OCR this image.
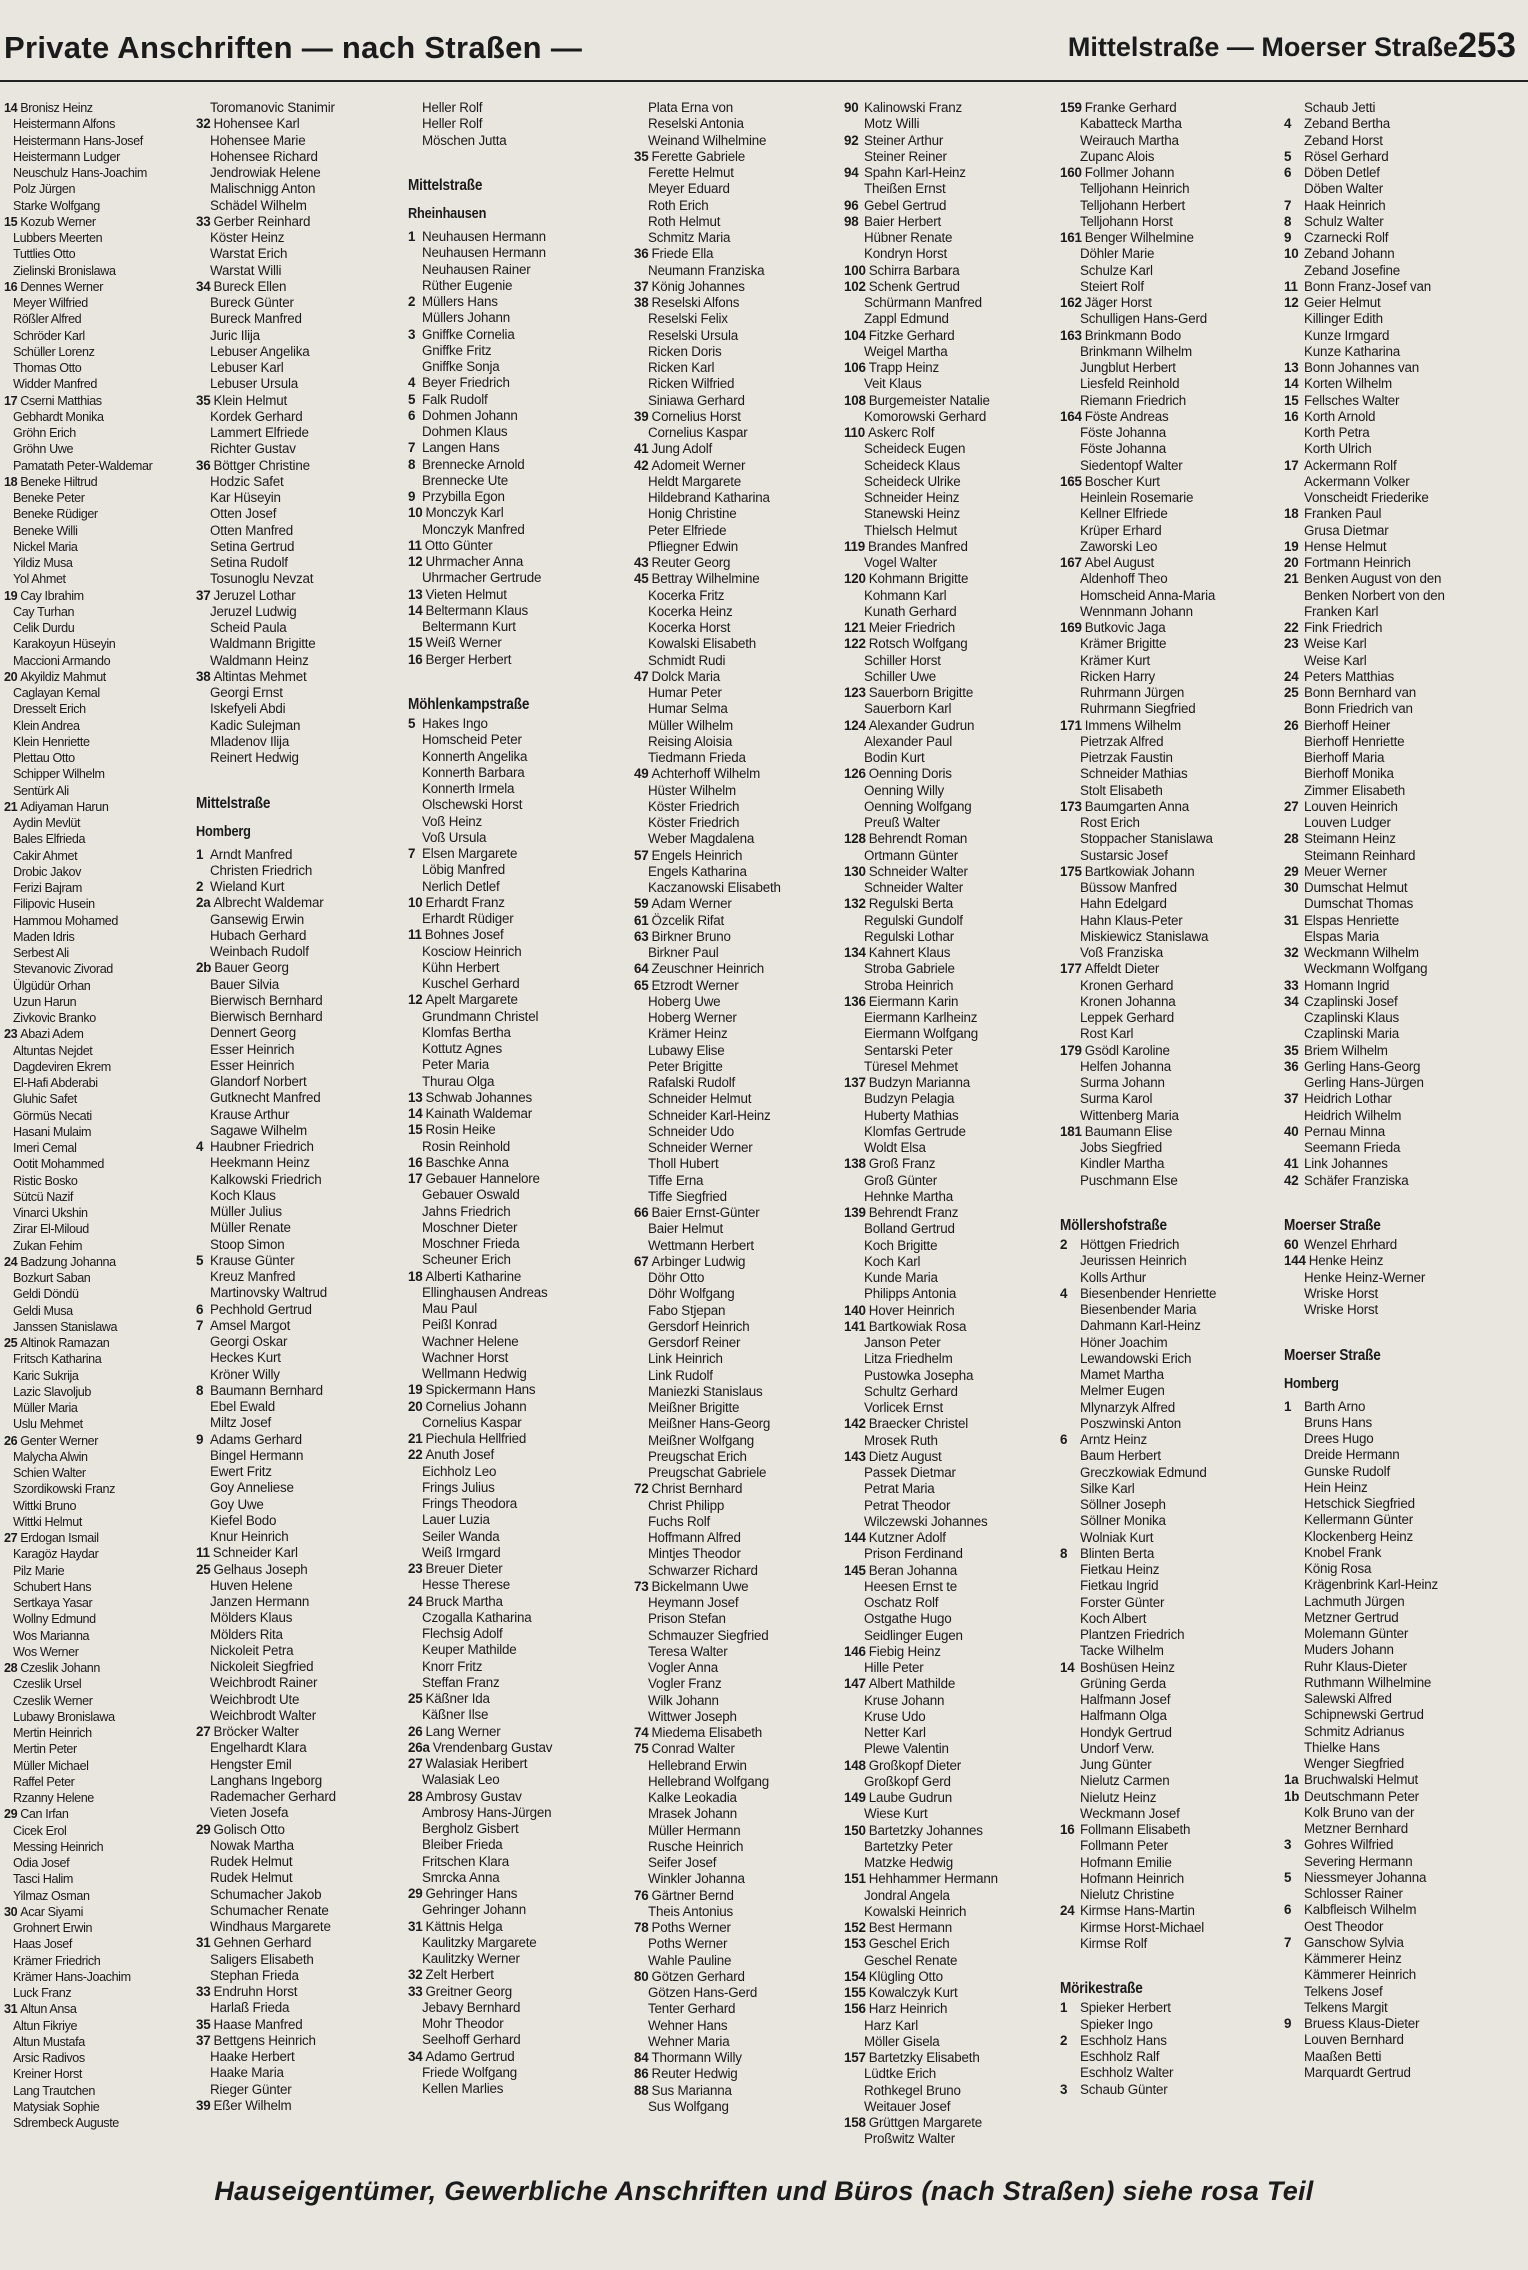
Private Anschriften — nach Straßen —	Mittelstraße — Moerser Straße 253
14 Bronisz Heinz
Heistermann Alfons
Heistermann Hans-Josef
Heistermann Ludger
Neuschulz Hans-Joachim
Polz Jürgen
Starke Wolfgang
15 Kozub Werner
Lubbers Meerten
Tuttlies Otto
Zielinski Bronislawa
16 Dennes Werner
Meyer Wilfried
Rößler Alfred
Schröder Karl
Schüller Lorenz
Thomas Otto
Widder Manfred
17 Cserni Matthias
Gebhardt Monika
Gröhn Erich
Gröhn Uwe
Pamatath Peter-Waldemar
18 Beneke Hiltrud
Beneke Peter
Beneke Rüdiger
Beneke Willi
Nickel Maria
Yildiz Musa
Yol Ahmet
19 Cay Ibrahim
Cay Turhan
Celik Durdu
Karakoyun Hüseyin
Maccioni Armando
20 Akyildiz Mahmut
Caglayan Kemal
Dresselt Erich
Klein Andrea
Klein Henriette
Plettau Otto
Schipper Wilhelm
Sentürk Ali
21 Adiyaman Harun
Aydin Mevlüt
Bales Elfrieda
Cakir Ahmet
Drobic Jakov
Ferizi Bajram
Filipovic Husein
Hammou Mohamed
Maden Idris
Serbest Ali
Stevanovic Zivorad
Ülgüdür Orhan
Uzun Harun
Zivkovic Branko
23 Abazi Adem
Altuntas Nejdet
Dagdeviren Ekrem
El-Hafi Abderabi
Gluhic Safet
Görmüs Necati
Hasani Mulaim
Imeri Cemal
Ootit Mohammed
Ristic Bosko
Sütcü Nazif
Vinarci Ukshin
Zirar El-Miloud
Zukan Fehim
24 Badzung Johanna
Bozkurt Saban
Geldi Döndü
Geldi Musa
Janssen Stanislawa
25 Altinok Ramazan
Fritsch Katharina
Karic Sukrija
Lazic Slavoljub
Müller Maria
Uslu Mehmet
26 Genter Werner
Malycha Alwin
Schien Walter
Szordikowski Franz
Wittki Bruno
Wittki Helmut
27 Erdogan Ismail
Karagöz Haydar
Pilz Marie
Schubert Hans
Sertkaya Yasar
Wollny Edmund
Wos Marianna
Wos Werner
28 Czeslik Johann
Czeslik Ursel
Czeslik Werner
Lubawy Bronislawa
Mertin Heinrich
Mertin Peter
Müller Michael
Raffel Peter
Rzanny Helene
29 Can Irfan
Cicek Erol
Messing Heinrich
Odia Josef
Tasci Halim
Yilmaz Osman
30 Acar Siyami
Grohnert Erwin
Haas Josef
Krämer Friedrich
Krämer Hans-Joachim
Luck Franz
31 Altun Ansa
Altun Fikriye
Altun Mustafa
Arsic Radivos
Kreiner Horst
Lang Trautchen
Matysiak Sophie
Sdrembeck Auguste
Toromanovic Stanimir
32 Hohensee Karl
Hohensee Marie
Hohensee Richard
Jendrowiak Helene
Malischnigg Anton
Schädel Wilhelm
33 Gerber Reinhard
Köster Heinz
Warstat Erich
Warstat Willi
34 Bureck Ellen
Bureck Günter
Bureck Manfred
Juric Ilija
Lebuser Angelika
Lebuser Karl
Lebuser Ursula
35 Klein Helmut
Kordek Gerhard
Lammert Elfriede
Richter Gustav
36 Böttger Christine
Hodzic Safet
Kar Hüseyin
Otten Josef
Otten Manfred
Setina Gertrud
Setina Rudolf
Tosunoglu Nevzat
37 Jeruzel Lothar
Jeruzel Ludwig
Scheid Paula
Waldmann Brigitte
Waldmann Heinz
38 Altintas Mehmet
Georgi Ernst
Iskefyeli Abdi
Kadic Sulejman
Mladenov Ilija
Reinert Hedwig
Mittelstraße
Homberg
1 Arndt Manfred
Christen Friedrich
2 Wieland Kurt
2a Albrecht Waldemar
Gansewig Erwin
Hubach Gerhard
Weinbach Rudolf
2b Bauer Georg
Bauer Silvia
Bierwisch Bernhard
Bierwisch Bernhard
Dennert Georg
Esser Heinrich
Esser Heinrich
Glandorf Norbert
Gutknecht Manfred
Krause Arthur
Sagawe Wilhelm
4 Haubner Friedrich
Heekmann Heinz
Kalkowski Friedrich
Koch Klaus
Müller Julius
Müller Renate
Stoop Simon
5 Krause Günter
Kreuz Manfred
Martinovsky Waltrud
6 Pechhold Gertrud
7 Amsel Margot
Georgi Oskar
Heckes Kurt
Kröner Willy
8 Baumann Bernhard
Ebel Ewald
Miltz Josef
9 Adams Gerhard
Bingel Hermann
Ewert Fritz
Goy Anneliese
Goy Uwe
Kiefel Bodo
Knur Heinrich
11 Schneider Karl
25 Gelhaus Joseph
Huven Helene
Janzen Hermann
Mölders Klaus
Mölders Rita
Nickoleit Petra
Nickoleit Siegfried
Weichbrodt Rainer
Weichbrodt Ute
Weichbrodt Walter
27 Bröcker Walter
Engelhardt Klara
Hengster Emil
Langhans Ingeborg
Rademacher Gerhard
Vieten Josefa
29 Golisch Otto
Nowak Martha
Rudek Helmut
Rudek Helmut
Schumacher Jakob
Schumacher Renate
Windhaus Margarete
31 Gehnen Gerhard
Saligers Elisabeth
Stephan Frieda
33 Endruhn Horst
Harlaß Frieda
35 Haase Manfred
37 Bettgens Heinrich
Haake Herbert
Haake Maria
Rieger Günter
39 Eßer Wilhelm
Heller Rolf
Heller Rolf
Möschen Jutta
Mittelstraße
Rheinhausen
1 Neuhausen Hermann
Neuhausen Hermann
Neuhausen Rainer
Rüther Eugenie
2 Müllers Hans
Müllers Johann
3 Gniffke Cornelia
Gniffke Fritz
Gniffke Sonja
4 Beyer Friedrich
5 Falk Rudolf
6 Dohmen Johann
Dohmen Klaus
7 Langen Hans
8 Brennecke Arnold
Brennecke Ute
9 Przybilla Egon
10 Monczyk Karl
Monczyk Manfred
11 Otto Günter
12 Uhrmacher Anna
Uhrmacher Gertrude
13 Vieten Helmut
14 Beltermann Klaus
Beltermann Kurt
15 Weiß Werner
16 Berger Herbert
Möhlenkampstraße
5 Hakes Ingo
Homscheid Peter
Konnerth Angelika
Konnerth Barbara
Konnerth Irmela
Olschewski Horst
Voß Heinz
Voß Ursula
7 Elsen Margarete
Löbig Manfred
Nerlich Detlef
10 Erhardt Franz
Erhardt Rüdiger
11 Bohnes Josef
Kosciow Heinrich
Kühn Herbert
Kuschel Gerhard
12 Apelt Margarete
Grundmann Christel
Klomfas Bertha
Kottutz Agnes
Peter Maria
Thurau Olga
13 Schwab Johannes
14 Kainath Waldemar
15 Rosin Heike
Rosin Reinhold
16 Baschke Anna
17 Gebauer Hannelore
Gebauer Oswald
Jahns Friedrich
Moschner Dieter
Moschner Frieda
Scheuner Erich
18 Alberti Katharine
Ellinghausen Andreas
Mau Paul
Peißl Konrad
Wachner Helene
Wachner Horst
Wellmann Hedwig
19 Spickermann Hans
20 Cornelius Johann
Cornelius Kaspar
21 Piechula Hellfried
22 Anuth Josef
Eichholz Leo
Frings Julius
Frings Theodora
Lauer Luzia
Seiler Wanda
Weiß Irmgard
23 Breuer Dieter
Hesse Therese
24 Bruck Martha
Czogalla Katharina
Flechsig Adolf
Keuper Mathilde
Knorr Fritz
Steffan Franz
25 Käßner Ida
Käßner Ilse
26 Lang Werner
26a Vrendenbarg Gustav
27 Walasiak Heribert
Walasiak Leo
28 Ambrosy Gustav
Ambrosy Hans-Jürgen
Bergholz Gisbert
Bleiber Frieda
Fritschen Klara
Smrcka Anna
29 Gehringer Hans
Gehringer Johann
31 Kättnis Helga
Kaulitzky Margarete
Kaulitzky Werner
32 Zelt Herbert
33 Greitner Georg
Jebavy Bernhard
Mohr Theodor
Seelhoff Gerhard
34 Adamo Gertrud
Friede Wolfgang
Kellen Marlies
Plata Erna von
Reselski Antonia
Weinand Wilhelmine
35 Ferette Gabriele
Ferette Helmut
Meyer Eduard
Roth Erich
Roth Helmut
Schmitz Maria
36 Friede Ella
Neumann Franziska
37 König Johannes
38 Reselski Alfons
Reselski Felix
Reselski Ursula
Ricken Doris
Ricken Karl
Ricken Wilfried
Siniawa Gerhard
39 Cornelius Horst
Cornelius Kaspar
41 Jung Adolf
42 Adomeit Werner
Heldt Margarete
Hildebrand Katharina
Honig Christine
Peter Elfriede
Pfliegner Edwin
43 Reuter Georg
45 Bettray Wilhelmine
Kocerka Fritz
Kocerka Heinz
Kocerka Horst
Kowalski Elisabeth
Schmidt Rudi
47 Dolck Maria
Humar Peter
Humar Selma
Müller Wilhelm
Reising Aloisia
Tiedmann Frieda
49 Achterhoff Wilhelm
Hüster Wilhelm
Köster Friedrich
Köster Friedrich
Weber Magdalena
57 Engels Heinrich
Engels Katharina
Kaczanowski Elisabeth
59 Adam Werner
61 Özcelik Rifat
63 Birkner Bruno
Birkner Paul
64 Zeuschner Heinrich
65 Etzrodt Werner
Hoberg Uwe
Hoberg Werner
Krämer Heinz
Lubawy Elise
Peter Brigitte
Rafalski Rudolf
Schneider Helmut
Schneider Karl-Heinz
Schneider Udo
Schneider Werner
Tholl Hubert
Tiffe Erna
Tiffe Siegfried
66 Baier Ernst-Günter
Baier Helmut
Wettmann Herbert
67 Arbinger Ludwig
Döhr Otto
Döhr Wolfgang
Fabo Stjepan
Gersdorf Heinrich
Gersdorf Reiner
Link Heinrich
Link Rudolf
Maniezki Stanislaus
Meißner Brigitte
Meißner Hans-Georg
Meißner Wolfgang
Preugschat Erich
Preugschat Gabriele
72 Christ Bernhard
Christ Philipp
Fuchs Rolf
Hoffmann Alfred
Mintjes Theodor
Schwarzer Richard
73 Bickelmann Uwe
Heymann Josef
Prison Stefan
Schmauzer Siegfried
Teresa Walter
Vogler Anna
Vogler Franz
Wilk Johann
Wittwer Joseph
74 Miedema Elisabeth
75 Conrad Walter
Hellebrand Erwin
Hellebrand Wolfgang
Kalke Leokadia
Mrasek Johann
Müller Hermann
Rusche Heinrich
Seifer Josef
Winkler Johanna
76 Gärtner Bernd
Theis Antonius
78 Poths Werner
Poths Werner
Wahle Pauline
80 Götzen Gerhard
Götzen Hans-Gerd
Tenter Gerhard
Wehner Hans
Wehner Maria
84 Thormann Willy
86 Reuter Hedwig
88 Sus Marianna
Sus Wolfgang
90 Kalinowski Franz
Motz Willi
92 Steiner Arthur
Steiner Reiner
94 Spahn Karl-Heinz
Theißen Ernst
96 Gebel Gertrud
98 Baier Herbert
Hübner Renate
Kondryn Horst
100 Schirra Barbara
102 Schenk Gertrud
Schürmann Manfred
Zappl Edmund
104 Fitzke Gerhard
Weigel Martha
106 Trapp Heinz
Veit Klaus
108 Burgemeister Natalie
Komorowski Gerhard
110 Askerc Rolf
Scheideck Eugen
Scheideck Klaus
Scheideck Ulrike
Schneider Heinz
Stanewski Heinz
Thielsch Helmut
119 Brandes Manfred
Vogel Walter
120 Kohmann Brigitte
Kohmann Karl
Kunath Gerhard
121 Meier Friedrich
122 Rotsch Wolfgang
Schiller Horst
Schiller Uwe
123 Sauerborn Brigitte
Sauerborn Karl
124 Alexander Gudrun
Alexander Paul
Bodin Kurt
126 Oenning Doris
Oenning Willy
Oenning Wolfgang
Preuß Walter
128 Behrendt Roman
Ortmann Günter
130 Schneider Walter
Schneider Walter
132 Regulski Berta
Regulski Gundolf
Regulski Lothar
134 Kahnert Klaus
Stroba Gabriele
Stroba Heinrich
136 Eiermann Karin
Eiermann Karlheinz
Eiermann Wolfgang
Sentarski Peter
Türesel Mehmet
137 Budzyn Marianna
Budzyn Pelagia
Huberty Mathias
Klomfas Gertrude
Woldt Elsa
138 Groß Franz
Groß Günter
Hehnke Martha
139 Behrendt Franz
Bolland Gertrud
Koch Brigitte
Koch Karl
Kunde Maria
Philipps Antonia
140 Hover Heinrich
141 Bartkowiak Rosa
Janson Peter
Litza Friedhelm
Pustowka Josepha
Schultz Gerhard
Vorlicek Ernst
142 Braecker Christel
Mrosek Ruth
143 Dietz August
Passek Dietmar
Petrat Maria
Petrat Theodor
Wilczewski Johannes
144 Kutzner Adolf
Prison Ferdinand
145 Beran Johanna
Heesen Ernst te
Oschatz Rolf
Ostgathe Hugo
Seidlinger Eugen
146 Fiebig Heinz
Hille Peter
147 Albert Mathilde
Kruse Johann
Kruse Udo
Netter Karl
Plewe Valentin
148 Großkopf Dieter
Großkopf Gerd
149 Laube Gudrun
Wiese Kurt
150 Bartetzky Johannes
Bartetzky Peter
Matzke Hedwig
151 Hehhammer Hermann
Jondral Angela
Kowalski Heinrich
152 Best Hermann
153 Geschel Erich
Geschel Renate
154 Klügling Otto
155 Kowalczyk Kurt
156 Harz Heinrich
Harz Karl
Möller Gisela
157 Bartetzky Elisabeth
Lüdtke Erich
Rothkegel Bruno
Weitauer Josef
158 Grüttgen Margarete
Proßwitz Walter
159 Franke Gerhard
Kabatteck Martha
Weirauch Martha
Zupanc Alois
160 Follmer Johann
Telljohann Heinrich
Telljohann Herbert
Telljohann Horst
161 Benger Wilhelmine
Döhler Marie
Schulze Karl
Steiert Rolf
162 Jäger Horst
Schulligen Hans-Gerd
163 Brinkmann Bodo
Brinkmann Wilhelm
Jungblut Herbert
Liesfeld Reinhold
Riemann Friedrich
164 Föste Andreas
Föste Johanna
Föste Johanna
Siedentopf Walter
165 Boscher Kurt
Heinlein Rosemarie
Kellner Elfriede
Krüper Erhard
Zaworski Leo
167 Abel August
Aldenhoff Theo
Homscheid Anna-Maria
Wennmann Johann
169 Butkovic Jaga
Krämer Brigitte
Krämer Kurt
Ricken Harry
Ruhrmann Jürgen
Ruhrmann Siegfried
171 Immens Wilhelm
Pietrzak Alfred
Pietrzak Faustin
Schneider Mathias
Stolt Elisabeth
173 Baumgarten Anna
Rost Erich
Stoppacher Stanislawa
Sustarsic Josef
175 Bartkowiak Johann
Büssow Manfred
Hahn Edelgard
Hahn Klaus-Peter
Miskiewicz Stanislawa
Voß Franziska
177 Affeldt Dieter
Kronen Gerhard
Kronen Johanna
Leppek Gerhard
Rost Karl
179 Gsödl Karoline
Helfen Johanna
Surma Johann
Surma Karol
Wittenberg Maria
181 Baumann Elise
Jobs Siegfried
Kindler Martha
Puschmann Else
Möllershofstraße
2 Höttgen Friedrich
Jeurissen Heinrich
Kolls Arthur
4 Biesenbender Henriette
Biesenbender Maria
Dahmann Karl-Heinz
Höner Joachim
Lewandowski Erich
Mamet Martha
Melmer Eugen
Mlynarzyk Alfred
Poszwinski Anton
6 Arntz Heinz
Baum Herbert
Greczkowiak Edmund
Silke Karl
Söllner Joseph
Söllner Monika
Wolniak Kurt
8 Blinten Berta
Fietkau Heinz
Fietkau Ingrid
Forster Günter
Koch Albert
Plantzen Friedrich
Tacke Wilhelm
14 Boshüsen Heinz
Grüning Gerda
Halfmann Josef
Halfmann Olga
Hondyk Gertrud
Undorf Verw.
Jung Günter
Nielutz Carmen
Nielutz Heinz
Weckmann Josef
16 Follmann Elisabeth
Follmann Peter
Hofmann Emilie
Hofmann Heinrich
Nielutz Christine
24 Kirmse Hans-Martin
Kirmse Horst-Michael
Kirmse Rolf
Mörikestraße
1 Spieker Herbert
Spieker Ingo
2 Eschholz Hans
Eschholz Ralf
Eschholz Walter
3 Schaub Günter
Schaub Jetti
4 Zeband Bertha
Zeband Horst
5 Rösel Gerhard
6 Döben Detlef
Döben Walter
7 Haak Heinrich
8 Schulz Walter
9 Czarnecki Rolf
10 Zeband Johann
Zeband Josefine
11 Bonn Franz-Josef van
12 Geier Helmut
Killinger Edith
Kunze Irmgard
Kunze Katharina
13 Bonn Johannes van
14 Korten Wilhelm
15 Fellsches Walter
16 Korth Arnold
Korth Petra
Korth Ulrich
17 Ackermann Rolf
Ackermann Volker
Vonscheidt Friederike
18 Franken Paul
Grusa Dietmar
19 Hense Helmut
20 Fortmann Heinrich
21 Benken August von den
Benken Norbert von den
Franken Karl
22 Fink Friedrich
23 Weise Karl
Weise Karl
24 Peters Matthias
25 Bonn Bernhard van
Bonn Friedrich van
26 Bierhoff Heiner
Bierhoff Henriette
Bierhoff Maria
Bierhoff Monika
Zimmer Elisabeth
27 Louven Heinrich
Louven Ludger
28 Steimann Heinz
Steimann Reinhard
29 Meuer Werner
30 Dumschat Helmut
Dumschat Thomas
31 Elspas Henriette
Elspas Maria
32 Weckmann Wilhelm
Weckmann Wolfgang
33 Homann Ingrid
34 Czaplinski Josef
Czaplinski Klaus
Czaplinski Maria
35 Briem Wilhelm
36 Gerling Hans-Georg
Gerling Hans-Jürgen
37 Heidrich Lothar
Heidrich Wilhelm
40 Pernau Minna
Seemann Frieda
41 Link Johannes
42 Schäfer Franziska
Moerser Straße
60 Wenzel Ehrhard
144 Henke Heinz
Henke Heinz-Werner
Wriske Horst
Wriske Horst
Moerser Straße
Homberg
1 Barth Arno
Bruns Hans
Drees Hugo
Dreide Hermann
Gunske Rudolf
Hein Heinz
Hetschick Siegfried
Kellermann Günter
Klockenberg Heinz
Knobel Frank
König Rosa
Krägenbrink Karl-Heinz
Lachmuth Jürgen
Metzner Gertrud
Molemann Günter
Muders Johann
Ruhr Klaus-Dieter
Ruthmann Wilhelmine
Salewski Alfred
Schipnewski Gertrud
Schmitz Adrianus
Thielke Hans
Wenger Siegfried
1a Bruchwalski Helmut
1b Deutschmann Peter
Kolk Bruno van der
Metzner Bernhard
3 Gohres Wilfried
Severing Hermann
5 Niessmeyer Johanna
Schlosser Rainer
6 Kalbfleisch Wilhelm
Oest Theodor
7 Ganschow Sylvia
Kämmerer Heinz
Kämmerer Heinrich
Telkens Josef
Telkens Margit
9 Bruess Klaus-Dieter
Louven Bernhard
Maaßen Betti
Marquardt Gertrud
Hauseigentümer, Gewerbliche Anschriften und Büros (nach Straßen) siehe rosa Teil
